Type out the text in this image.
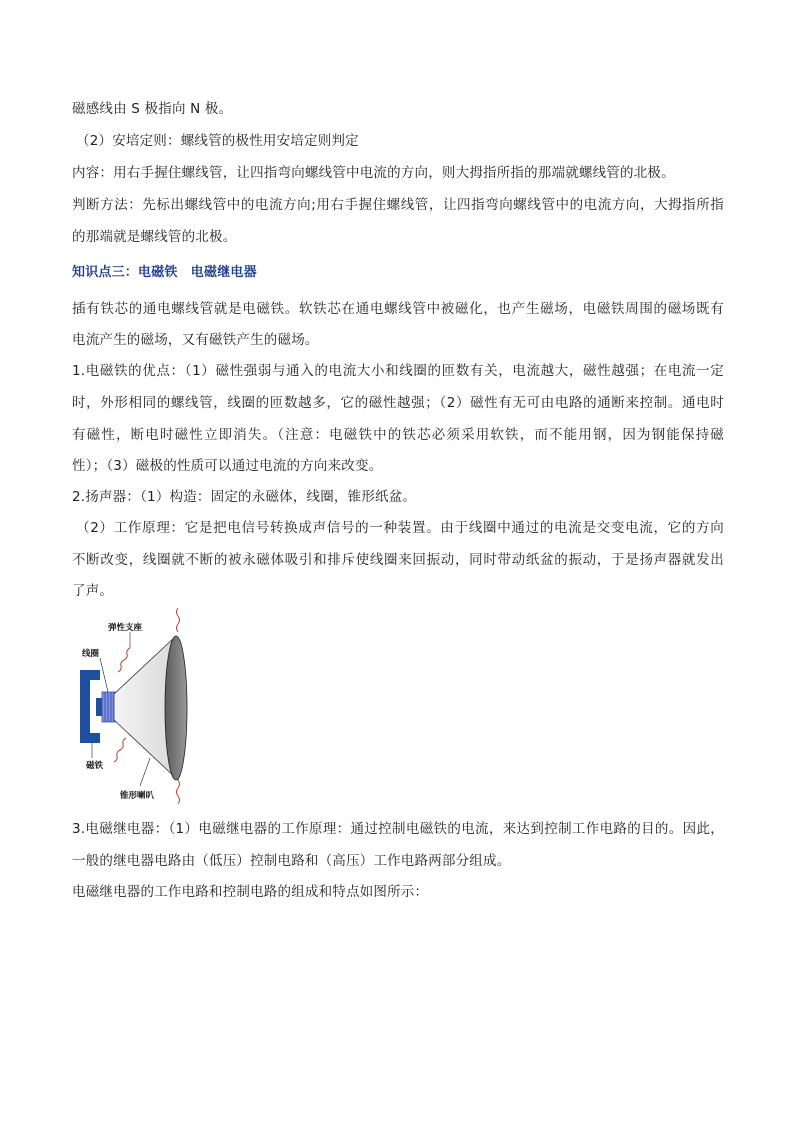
磁感线由 S 极指向 N 极。
（2）安培定则：螺线管的极性用安培定则判定
内容：用右手握住螺线管，让四指弯向螺线管中电流的方向，则大拇指所指的那端就螺线管的北极。
判断方法：先标出螺线管中的电流方向;用右手握住螺线管，让四指弯向螺线管中的电流方向，大拇指所指
的那端就是螺线管的北极。
知识点三：电磁铁　电磁继电器
插有铁芯的通电螺线管就是电磁铁。软铁芯在通电螺线管中被磁化，也产生磁场，电磁铁周围的磁场既有
电流产生的磁场，又有磁铁产生的磁场。
1.电磁铁的优点：（1）磁性强弱与通入的电流大小和线圈的匝数有关，电流越大，磁性越强；在电流一定
时，外形相同的螺线管，线圈的匝数越多，它的磁性越强；（2）磁性有无可由电路的通断来控制。通电时
有磁性，断电时磁性立即消失。（注意：电磁铁中的铁芯必须采用软铁，而不能用钢，因为钢能保持磁
性）；（3）磁极的性质可以通过电流的方向来改变。
2.扬声器：（1）构造：固定的永磁体，线圈，锥形纸盆。
（2）工作原理：它是把电信号转换成声信号的一种装置。由于线圈中通过的电流是交变电流，它的方向
不断改变，线圈就不断的被永磁体吸引和排斥使线圈来回振动，同时带动纸盆的振动，于是扬声器就发出
了声。
弹性支座
线圈
磁铁
锥形喇叭
3.电磁继电器：（1）电磁继电器的工作原理：通过控制电磁铁的电流，来达到控制工作电路的目的。因此，
一般的继电器电路由（低压）控制电路和（高压）工作电路两部分组成。
电磁继电器的工作电路和控制电路的组成和特点如图所示：
